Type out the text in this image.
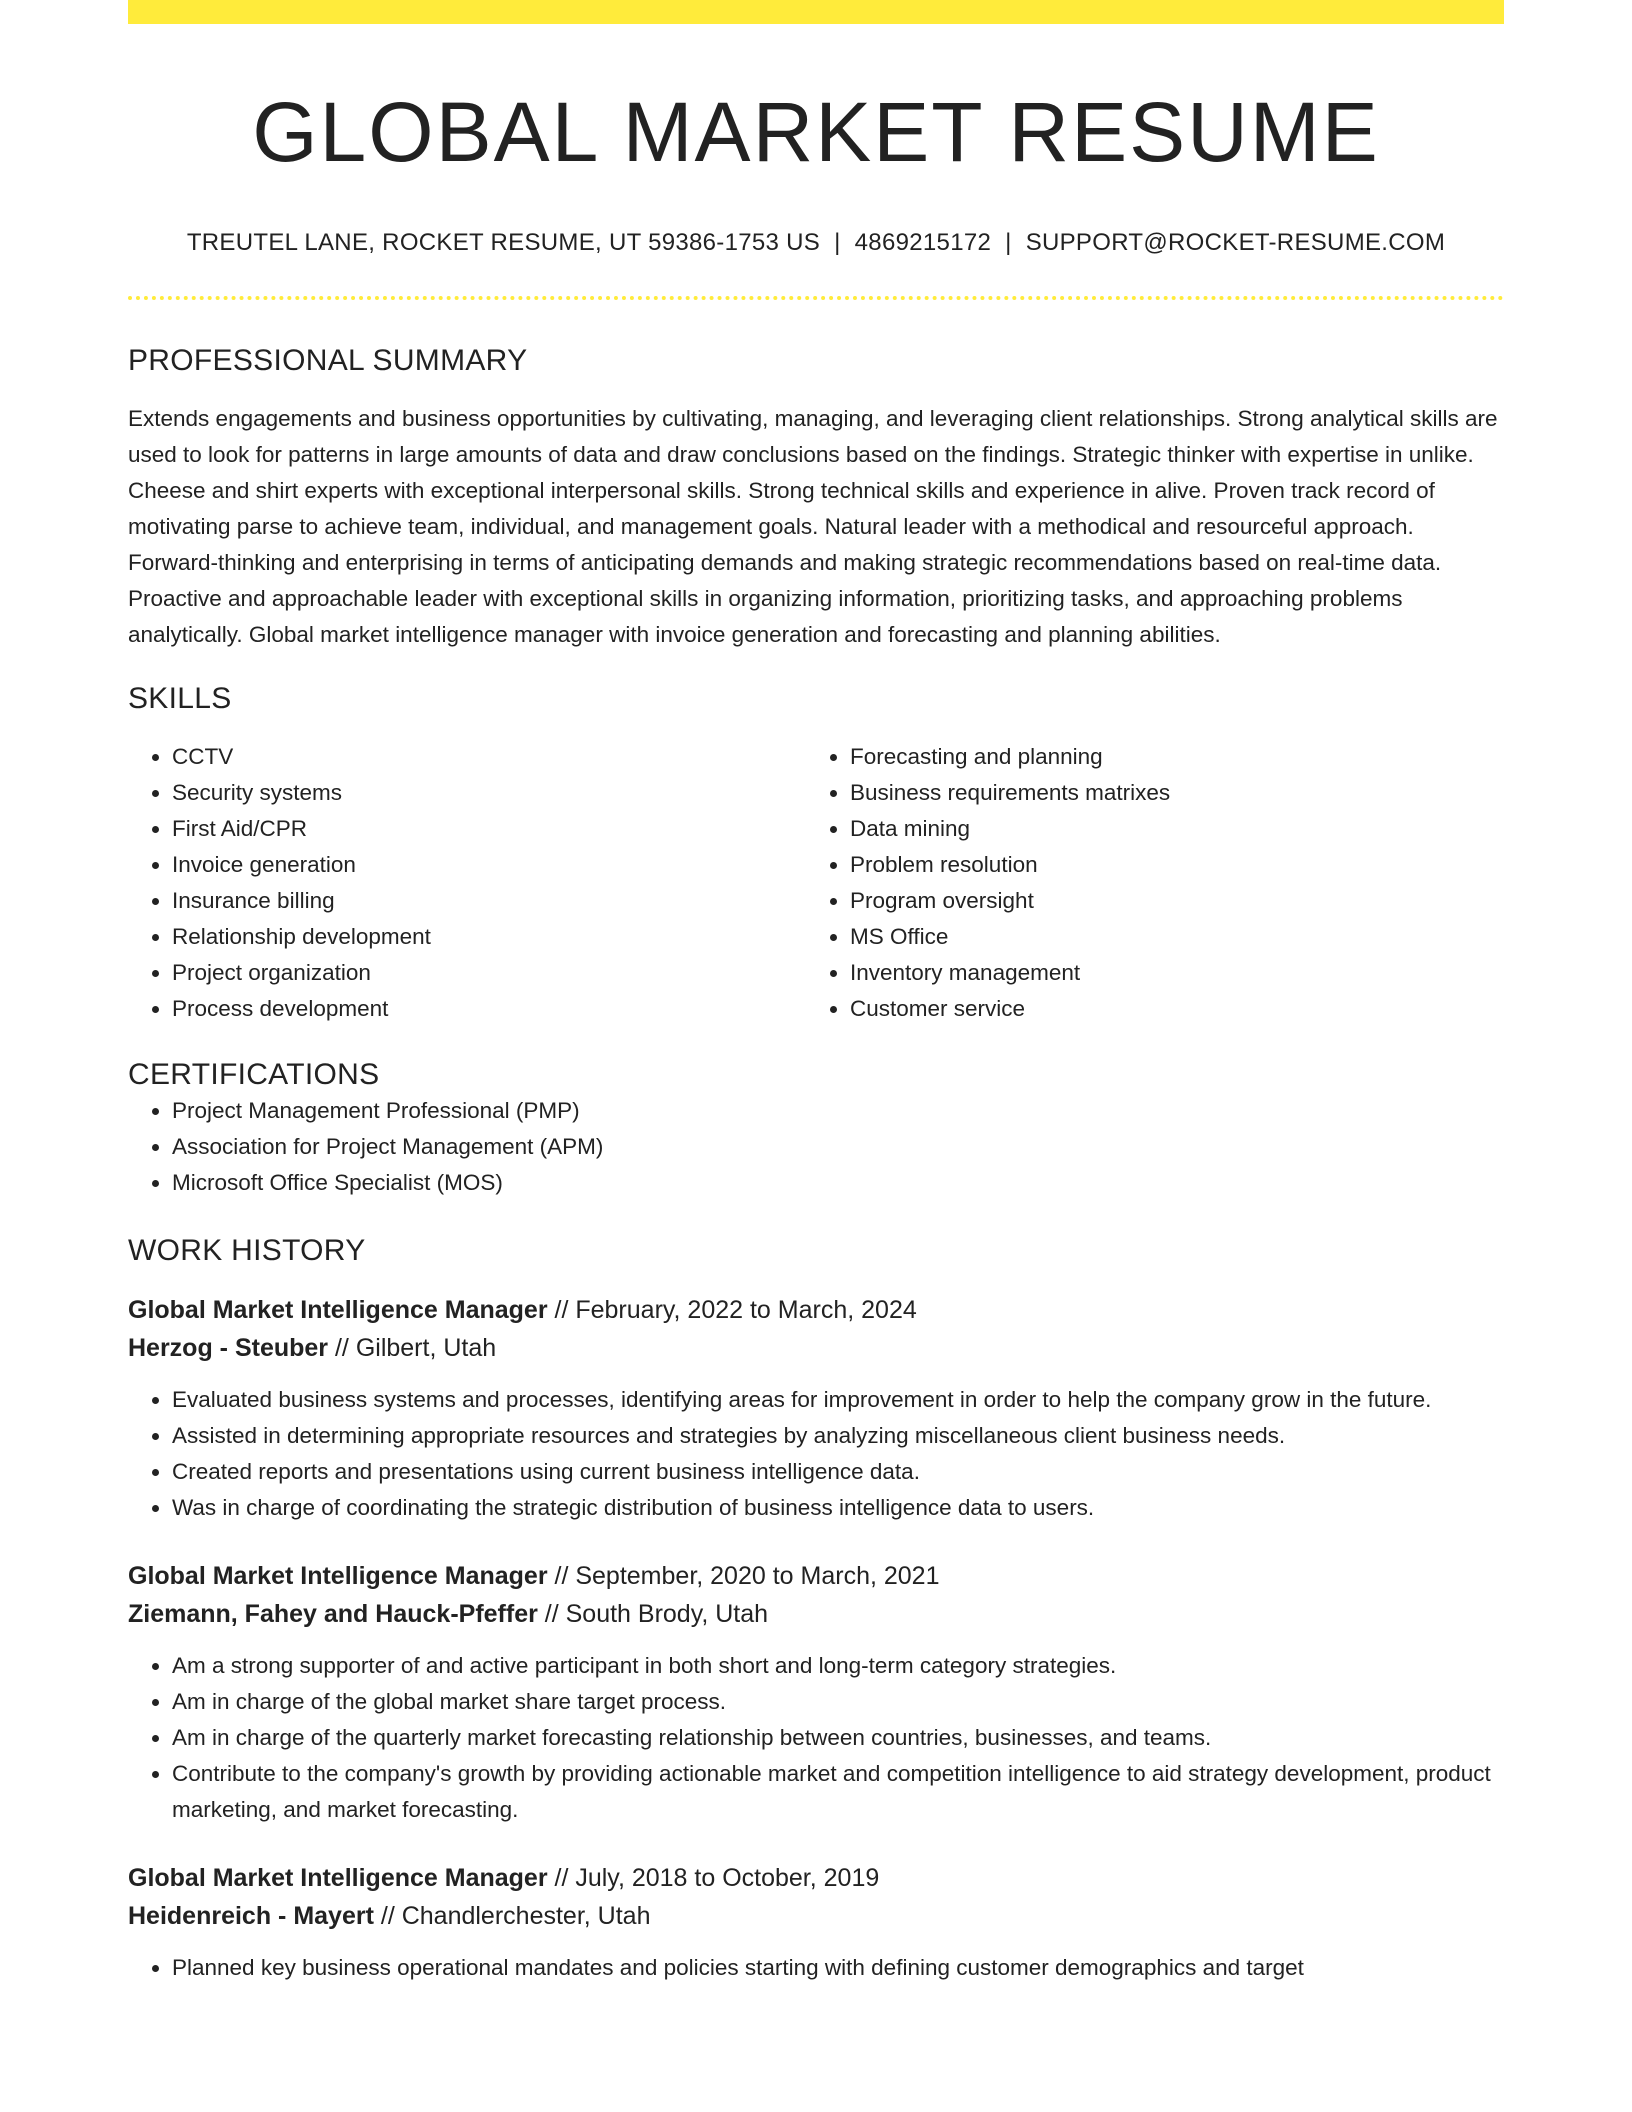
GLOBAL MARKET RESUME
TREUTEL LANE, ROCKET RESUME, UT 59386-1753 US | 4869215172 | SUPPORT@ROCKET-RESUME.COM
PROFESSIONAL SUMMARY
Extends engagements and business opportunities by cultivating, managing, and leveraging client relationships. Strong analytical skills are used to look for patterns in large amounts of data and draw conclusions based on the findings. Strategic thinker with expertise in unlike. Cheese and shirt experts with exceptional interpersonal skills. Strong technical skills and experience in alive. Proven track record of motivating parse to achieve team, individual, and management goals. Natural leader with a methodical and resourceful approach. Forward-thinking and enterprising in terms of anticipating demands and making strategic recommendations based on real-time data. Proactive and approachable leader with exceptional skills in organizing information, prioritizing tasks, and approaching problems analytically. Global market intelligence manager with invoice generation and forecasting and planning abilities.
SKILLS
• CCTV
• Security systems
• First Aid/CPR
• Invoice generation
• Insurance billing
• Relationship development
• Project organization
• Process development
• Forecasting and planning
• Business requirements matrixes
• Data mining
• Problem resolution
• Program oversight
• MS Office
• Inventory management
• Customer service
CERTIFICATIONS
• Project Management Professional (PMP)
• Association for Project Management (APM)
• Microsoft Office Specialist (MOS)
WORK HISTORY
Global Market Intelligence Manager // February, 2022 to March, 2024
Herzog - Steuber // Gilbert, Utah
• Evaluated business systems and processes, identifying areas for improvement in order to help the company grow in the future.
• Assisted in determining appropriate resources and strategies by analyzing miscellaneous client business needs.
• Created reports and presentations using current business intelligence data.
• Was in charge of coordinating the strategic distribution of business intelligence data to users.
Global Market Intelligence Manager // September, 2020 to March, 2021
Ziemann, Fahey and Hauck-Pfeffer // South Brody, Utah
• Am a strong supporter of and active participant in both short and long-term category strategies.
• Am in charge of the global market share target process.
• Am in charge of the quarterly market forecasting relationship between countries, businesses, and teams.
• Contribute to the company's growth by providing actionable market and competition intelligence to aid strategy development, product marketing, and market forecasting.
Global Market Intelligence Manager // July, 2018 to October, 2019
Heidenreich - Mayert // Chandlerchester, Utah
• Planned key business operational mandates and policies starting with defining customer demographics and target
